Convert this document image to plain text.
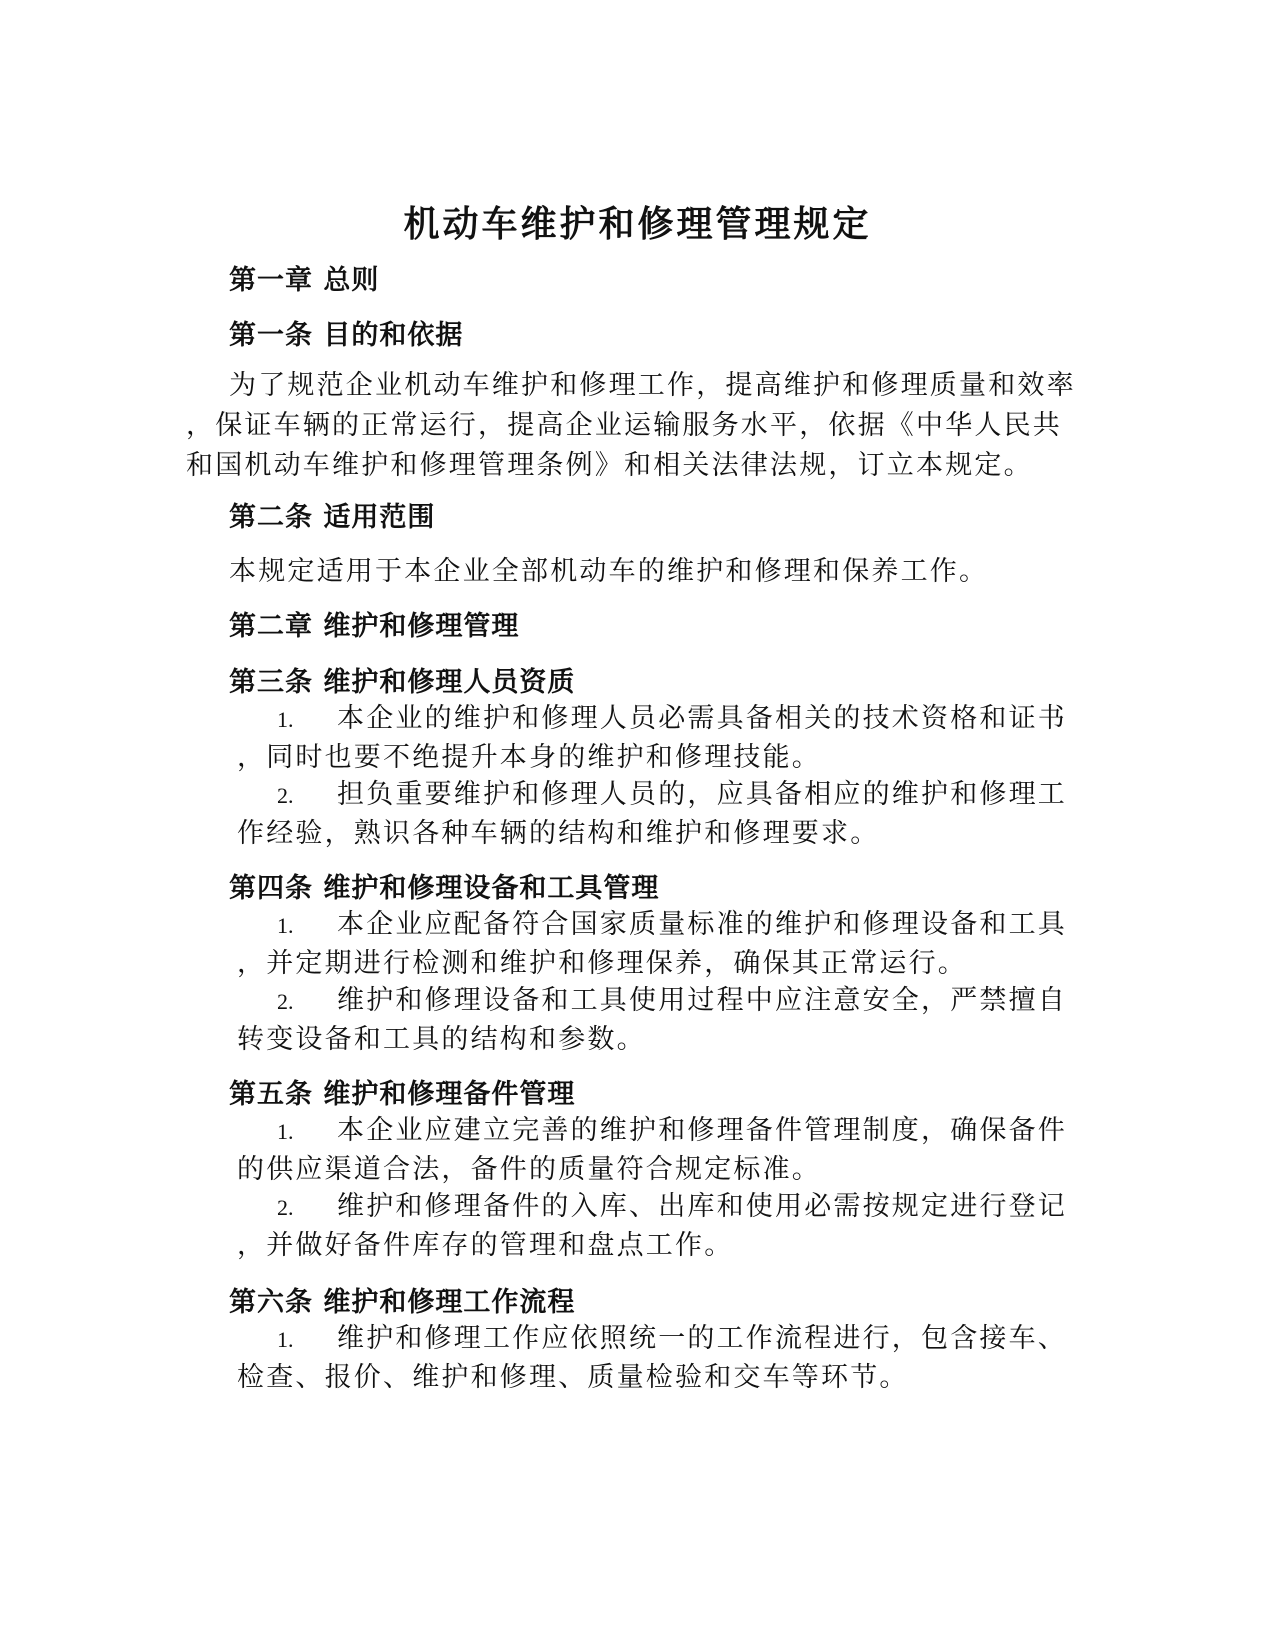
机动车维护和修理管理规定
第一章 总则
第一条 目的和依据
为了规范企业机动车维护和修理工作，提高维护和修理质量和效率
，保证车辆的正常运行，提高企业运输服务水平，依据《中华人民共
和国机动车维护和修理管理条例》和相关法律法规，订立本规定。
第二条 适用范围
本规定适用于本企业全部机动车的维护和修理和保养工作。
第二章 维护和修理管理
第三条 维护和修理人员资质
1. 本企业的维护和修理人员必需具备相关的技术资格和证书
，同时也要不绝提升本身的维护和修理技能。
2. 担负重要维护和修理人员的，应具备相应的维护和修理工
作经验，熟识各种车辆的结构和维护和修理要求。
第四条 维护和修理设备和工具管理
1. 本企业应配备符合国家质量标准的维护和修理设备和工具
，并定期进行检测和维护和修理保养，确保其正常运行。
2. 维护和修理设备和工具使用过程中应注意安全，严禁擅自
转变设备和工具的结构和参数。
第五条 维护和修理备件管理
1. 本企业应建立完善的维护和修理备件管理制度，确保备件
的供应渠道合法，备件的质量符合规定标准。
2. 维护和修理备件的入库、出库和使用必需按规定进行登记
，并做好备件库存的管理和盘点工作。
第六条 维护和修理工作流程
1. 维护和修理工作应依照统一的工作流程进行，包含接车、
检查、报价、维护和修理、质量检验和交车等环节。
